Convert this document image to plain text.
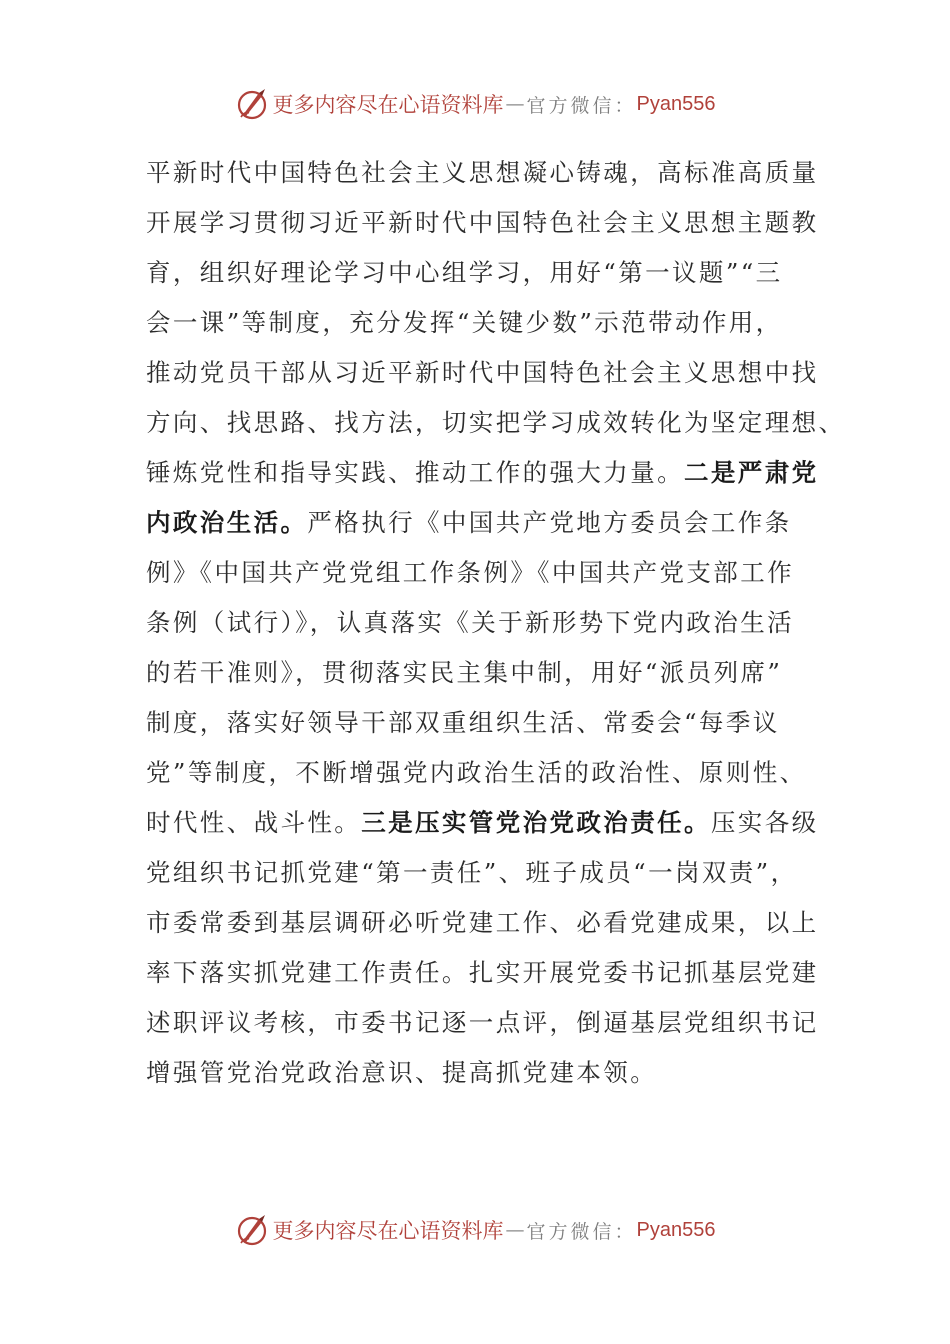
更多内容尽在心语资料库 — 官方微信： Pyan556
平新时代中国特色社会主义思想凝心铸魂，高标准高质量
开展学习贯彻习近平新时代中国特色社会主义思想主题教
育，组织好理论学习中心组学习，用好“第一议题”“三
会一课”等制度，充分发挥“关键少数”示范带动作用，
推动党员干部从习近平新时代中国特色社会主义思想中找
方向、找思路、找方法，切实把学习成效转化为坚定理想、
锤炼党性和指导实践、推动工作的强大力量。二是严肃党
内政治生活。严格执行《中国共产党地方委员会工作条
例》《中国共产党党组工作条例》《中国共产党支部工作
条例（试行）》，认真落实《关于新形势下党内政治生活
的若干准则》，贯彻落实民主集中制，用好“派员列席”
制度，落实好领导干部双重组织生活、常委会“每季议
党”等制度，不断增强党内政治生活的政治性、原则性、
时代性、战斗性。三是压实管党治党政治责任。压实各级
党组织书记抓党建“第一责任”、班子成员“一岗双责”，
市委常委到基层调研必听党建工作、必看党建成果，以上
率下落实抓党建工作责任。扎实开展党委书记抓基层党建
述职评议考核，市委书记逐一点评，倒逼基层党组织书记
增强管党治党政治意识、提高抓党建本领。
更多内容尽在心语资料库 — 官方微信： Pyan556
